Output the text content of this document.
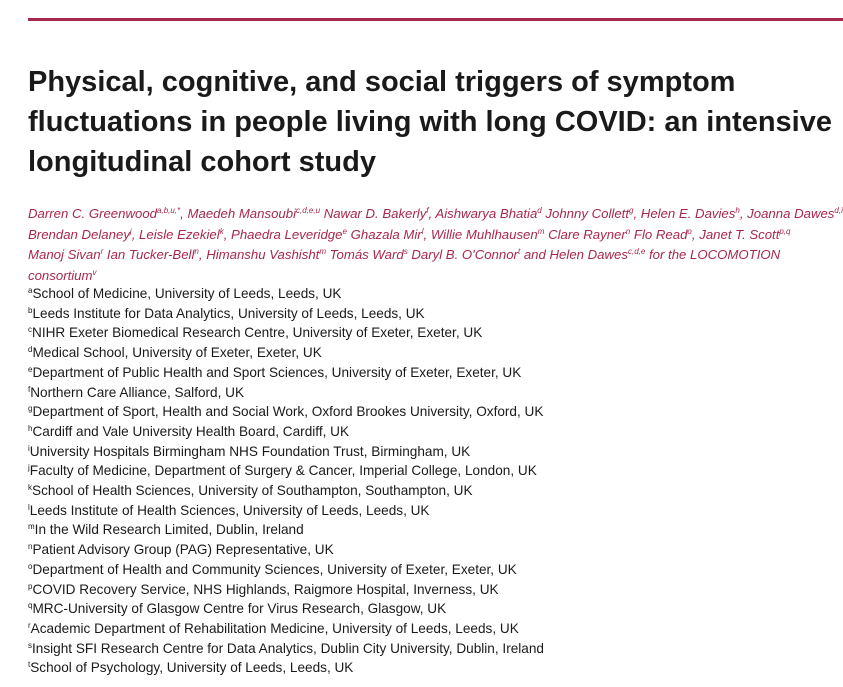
Physical, cognitive, and social triggers of symptom fluctuations in people living with long COVID: an intensive longitudinal cohort study
Darren C. Greenwood$^{a,b,u,*}$, Maedeh Mansoubi$^{c,d,e,u}$ Nawar D. Bakerly$^f$, Aishwarya Bhatia$^d$ Johnny Collett$^g$, Helen E. Davies$^h$, Joanna Dawes$^{d,i}$ Brendan Delaney$^j$, Leisle Ezekiel$^k$, Phaedra Leveridge$^e$ Ghazala Mir$^l$, Willie Muhlhausen$^m$ Clare Rayner$^n$ Flo Read$^o$, Janet T. Scott$^{p,q}$ Manoj Sivan$^r$ Ian Tucker-Bell$^n$, Himanshu Vashisht$^m$ Tomás Ward$^s$ Daryl B. O'Connor$^t$ and Helen Dawes$^{c,d,e}$ for the LOCOMOTION consortium$^v$
$^a$School of Medicine, University of Leeds, Leeds, UK
$^b$Leeds Institute for Data Analytics, University of Leeds, Leeds, UK
$^c$NIHR Exeter Biomedical Research Centre, University of Exeter, Exeter, UK
$^d$Medical School, University of Exeter, Exeter, UK
$^e$Department of Public Health and Sport Sciences, University of Exeter, Exeter, UK
$^f$Northern Care Alliance, Salford, UK
$^g$Department of Sport, Health and Social Work, Oxford Brookes University, Oxford, UK
$^h$Cardiff and Vale University Health Board, Cardiff, UK
$^i$University Hospitals Birmingham NHS Foundation Trust, Birmingham, UK
$^j$Faculty of Medicine, Department of Surgery & Cancer, Imperial College, London, UK
$^k$School of Health Sciences, University of Southampton, Southampton, UK
$^l$Leeds Institute of Health Sciences, University of Leeds, Leeds, UK
$^m$In the Wild Research Limited, Dublin, Ireland
$^n$Patient Advisory Group (PAG) Representative, UK
$^o$Department of Health and Community Sciences, University of Exeter, Exeter, UK
$^p$COVID Recovery Service, NHS Highlands, Raigmore Hospital, Inverness, UK
$^q$MRC-University of Glasgow Centre for Virus Research, Glasgow, UK
$^r$Academic Department of Rehabilitation Medicine, University of Leeds, Leeds, UK
$^s$Insight SFI Research Centre for Data Analytics, Dublin City University, Dublin, Ireland
$^t$School of Psychology, University of Leeds, Leeds, UK
